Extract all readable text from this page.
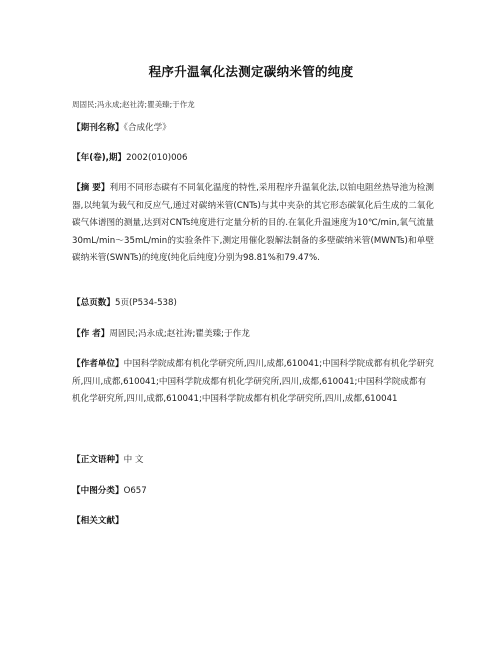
程序升温氧化法测定碳纳米管的纯度
周固民;冯永成;赵社涛;瞿美臻;于作龙
【期刊名称】《合成化学》
【年(卷),期】2002(010)006
【摘 要】利用不同形态碳有不同氧化温度的特性,采用程序升温氧化法,以铂电阻丝热导池为检测器,以纯氧为载气和反应气,通过对碳纳米管(CNTs)与其中夹杂的其它形态碳氧化后生成的二氧化碳气体谱图的测量,达到对CNTs纯度进行定量分析的目的.在氧化升温速度为10℃/min,氧气流量30mL/min～35mL/min的实验条件下,测定用催化裂解法制备的多壁碳纳米管(MWNTs)和单壁碳纳米管(SWNTs)的纯度(纯化后纯度)分别为98.81%和79.47%.
【总页数】5页(P534-538)
【作 者】周固民;冯永成;赵社涛;瞿美臻;于作龙
【作者单位】中国科学院成都有机化学研究所,四川,成都,610041;中国科学院成都有机化学研究所,四川,成都,610041;中国科学院成都有机化学研究所,四川,成都,610041;中国科学院成都有机化学研究所,四川,成都,610041;中国科学院成都有机化学研究所,四川,成都,610041
【正文语种】中 文
【中图分类】O657
【相关文献】
